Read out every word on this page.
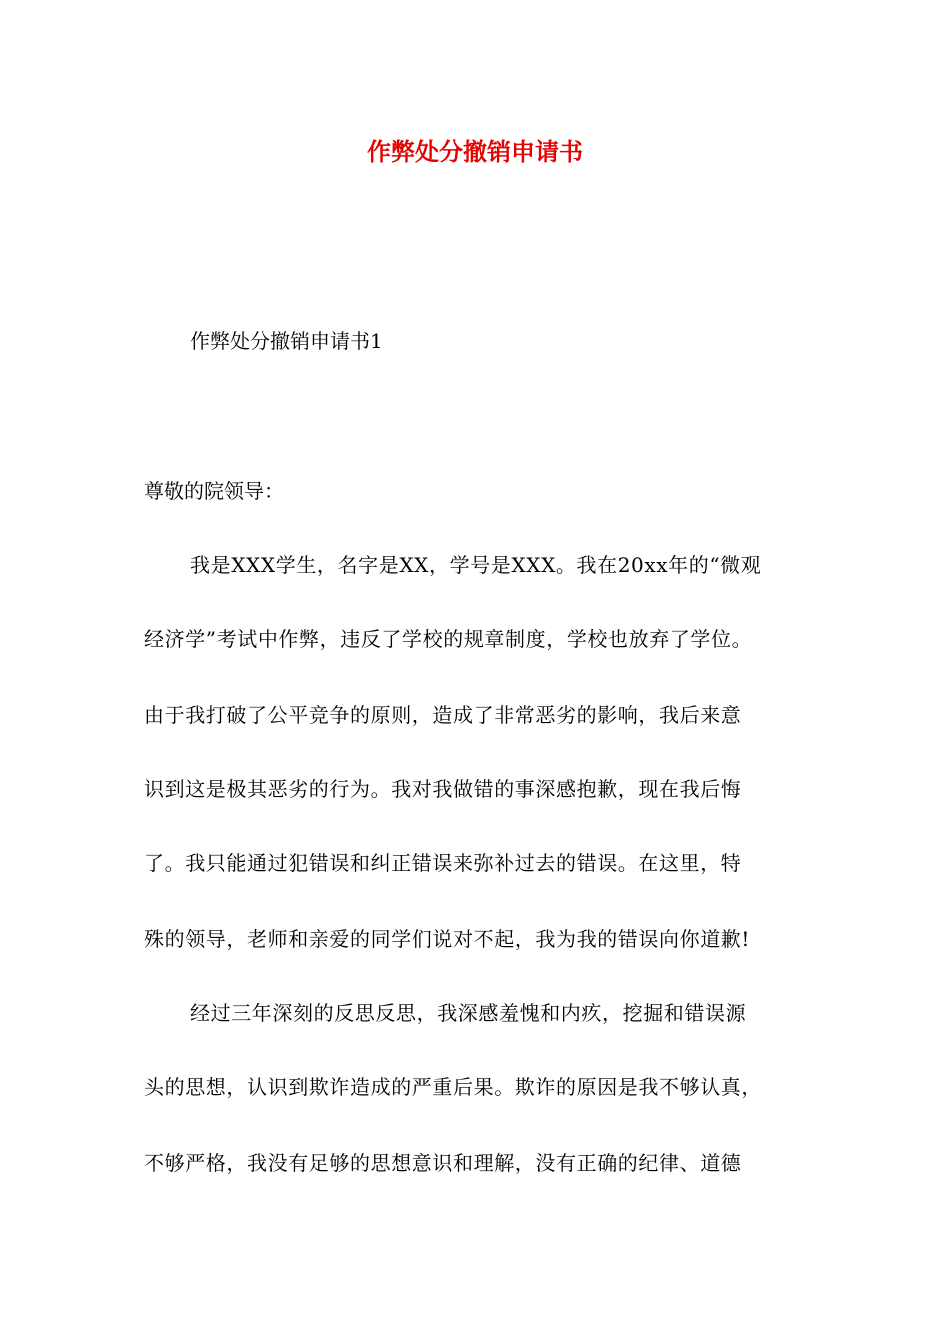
作弊处分撤销申请书

作弊处分撤销申请书1

尊敬的院领导：

我是XXX学生，名字是XX，学号是XXX。我在20xx年的“微观

经济学”考试中作弊，违反了学校的规章制度，学校也放弃了学位。

由于我打破了公平竞争的原则，造成了非常恶劣的影响，我后来意

识到这是极其恶劣的行为。我对我做错的事深感抱歉，现在我后悔

了。我只能通过犯错误和纠正错误来弥补过去的错误。在这里，特

殊的领导，老师和亲爱的同学们说对不起，我为我的错误向你道歉!

经过三年深刻的反思反思，我深感羞愧和内疚，挖掘和错误源

头的思想，认识到欺诈造成的严重后果。欺诈的原因是我不够认真，

不够严格，我没有足够的思想意识和理解，没有正确的纪律、道德
